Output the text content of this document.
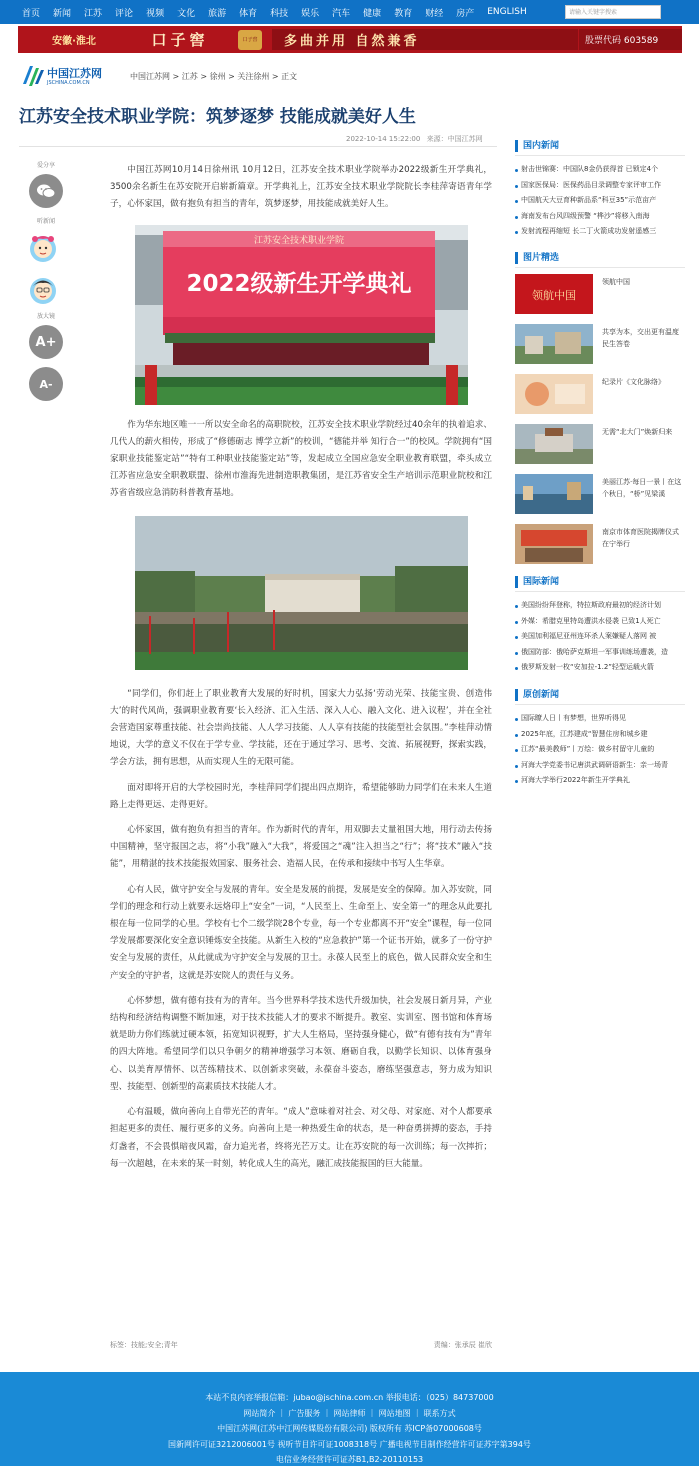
首页 新闻 江苏 评论 视频 文化 旅游 体育 科技 娱乐 汽车 健康 教育 财经 房产 ENGLISH	请输入关键字搜索
安徽·淮北	口子窖	口子窖	多曲并用 自然兼香	股票代码 603589
中国江苏网
JSCHINA.COM.CN
中国江苏网 > 江苏 > 徐州 > 关注徐州 > 正文
江苏安全技术职业学院：筑梦逐梦 技能成就美好人生
2022-10-14 15:22:00 来源：中国江苏网
爱分享
听新闻

放大镜
A+
A-

中国江苏网10月14日徐州讯 10月12日，江苏安全技术职业学院举办2022级新生开学典礼，3500余名新生在苏安院开启崭新篇章。开学典礼上，江苏安全技术职业学院院长李桂萍寄语青年学子，心怀家国，做有抱负有担当的青年，筑梦逐梦，用技能成就美好人生。

江苏安全技术职业学院
2022级新生开学典礼

作为华东地区唯一一所以安全命名的高职院校，江苏安全技术职业学院经过40余年的执着追求、几代人的薪火相传，形成了“修德砺志 博学立新”的校训，“德能并举 知行合一”的校风。学院拥有“国家职业技能鉴定站”“特有工种职业技能鉴定站”等，发起成立全国应急安全职业教育联盟，牵头成立江苏省应急安全职教联盟、徐州市淮海先进制造职教集团，是江苏省安全生产培训示范职业院校和江苏省省级应急消防科普教育基地。

“同学们，你们赶上了职业教育大发展的好时机，国家大力弘扬‘劳动光荣、技能宝贵、创造伟大’的时代风尚，强调职业教育要‘长入经济、汇入生活、深入人心、融入文化、进入议程’，并在全社会营造国家尊重技能、社会崇尚技能、人人学习技能、人人享有技能的技能型社会氛围。”李桂萍动情地说，大学的意义不仅在于学专业、学技能，还在于通过学习、思考、交流、拓展视野，探索实践，学会方法，拥有思想，从而实现人生的无限可能。

面对即将开启的大学校园时光，李桂萍同学们提出四点期许，希望能够助力同学们在未来人生道路上走得更远、走得更好。

心怀家国，做有抱负有担当的青年。作为新时代的青年，用双脚去丈量祖国大地，用行动去传扬中国精神，坚守报国之志，将“小我”融入“大我”，将爱国之“魂”注入担当之“行”；将“技术”融入“技能”，用精湛的技术技能报效国家、服务社会、造福人民，在传承和接续中书写人生华章。

心有人民，做守护安全与发展的青年。安全是发展的前提，发展是安全的保障。加入苏安院，同学们的理念和行动上就要永远烙印上“安全”一词，“人民至上、生命至上、安全第一”的理念从此要扎根在每一位同学的心里。学校有七个二级学院28个专业，每一个专业都离不开“安全”课程，每一位同学发展都要深化安全意识锤炼安全技能。从新生入校的“应急救护”第一个证书开始，就多了一份守护安全与发展的责任，从此就成为守护安全与发展的卫士。永葆人民至上的底色，做人民群众安全和生产安全的守护者，这就是苏安院人的责任与义务。

心怀梦想，做有德有技有为的青年。当今世界科学技术迭代升级加快，社会发展日新月异，产业结构和经济结构调整不断加速，对于技术技能人才的要求不断提升。教室、实训室、图书馆和体育场就是助力你们练就过硬本领，拓宽知识视野，扩大人生格局，坚持强身健心，做“有德有技有为”青年的四大阵地。希望同学们以只争朝夕的精神增强学习本领、磨砺自我，以勤学长知识、以体育强身心、以美育厚情怀、以苦练精技术、以创新求突破，永葆奋斗姿态，磨练坚强意志，努力成为知识型、技能型、创新型的高素质技术技能人才。

心有温暖，做向善向上自带光芒的青年。“成人”意味着对社会、对父母、对家庭、对个人都要承担起更多的责任、履行更多的义务。向善向上是一种热爱生命的状态，是一种奋勇拼搏的姿态，手持灯盏者，不会畏惧暗夜风霜，奋力追光者，终将光芒万丈。让在苏安院的每一次训练；每一次摔折；每一次超越，在未来的某一时刻，转化成人生的高光，融汇成技能报国的巨大能量。

标签：技能;安全;青年	责编：张承辰 崔欣
国内新闻
射击世锦赛：中国队8金仍获得首 已锁定4个
国家医保局：医保药品目录调整专家评审工作
中国航天大豆育种新品系“科豆35”示范亩产
海南发布台风四级预警 “桦沙”将移入南海
发射流程再缩短 长二丁火箭成功发射遥感三
图片精选
领航中国
领航中国
共享为本，交出更有温度民生答卷
纪录片《文化脉络》
无需“北大门”焕新归来
美丽江苏·每日一景丨在这个秋日，“桥”见梁溪
南京市体育医院揭牌仪式在宁举行
国际新闻
美国纷纷拜登称，特拉斯政府最初的经济计划
外媒：希腊克里特岛遭洪水侵袭 已致1人死亡
美国加利福尼亚州连环杀人案嫌疑人落网 被
俄国防部：俄哈萨克斯坦一军事训练场遭袭，造
俄罗斯发射一枚“安加拉-1.2”轻型运载火箭
原创新闻
国际瞭人日丨有梦想，世界听得见
2025年底，江苏建成“智慧住房和城乡建
江苏“最美教师”丨万绘：做乡村留守儿童的
河海大学党委书记唐洪武调研语新生：亲一场青
河海大学举行2022年新生开学典礼
本站不良内容举报信箱：jubao@jschina.com.cn 举报电话：（025）84737000
网站简介 ｜ 广告服务 ｜ 网站律师 ｜ 网站地图 ｜ 联系方式
中国江苏网(江苏中江网传媒股份有限公司) 版权所有 苏ICP备07000608号
国新网许可证3212006001号 视听节目许可证1008318号 广播电视节目制作经营许可证苏字第394号
电信业务经营许可证苏B1,B2-20110153
